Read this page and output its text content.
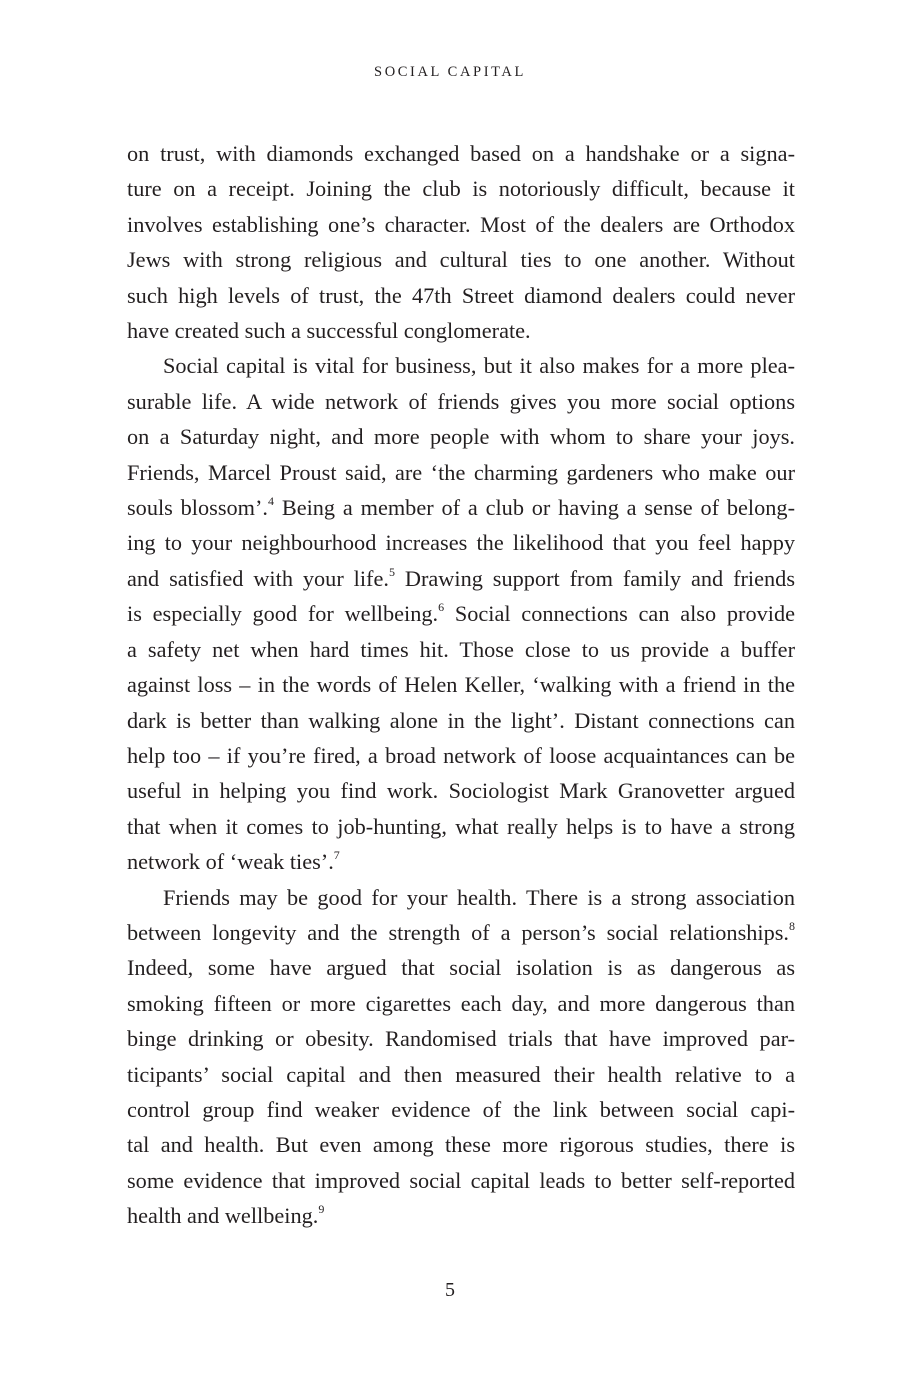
SOCIAL CAPITAL

on trust, with diamonds exchanged based on a handshake or a signa-
ture on a receipt. Joining the club is notoriously difficult, because it
involves establishing one’s character. Most of the dealers are Orthodox
Jews with strong religious and cultural ties to one another. Without
such high levels of trust, the 47th Street diamond dealers could never
have created such a successful conglomerate.

Social capital is vital for business, but it also makes for a more plea-
surable life. A wide network of friends gives you more social options
on a Saturday night, and more people with whom to share your joys.
Friends, Marcel Proust said, are ‘the charming gardeners who make our
souls blossom’.$^4$ Being a member of a club or having a sense of belong-
ing to your neighbourhood increases the likelihood that you feel happy
and satisfied with your life.$^5$ Drawing support from family and friends
is especially good for wellbeing.$^6$ Social connections can also provide
a safety net when hard times hit. Those close to us provide a buffer
against loss – in the words of Helen Keller, ‘walking with a friend in the
dark is better than walking alone in the light’. Distant connections can
help too – if you’re fired, a broad network of loose acquaintances can be
useful in helping you find work. Sociologist Mark Granovetter argued
that when it comes to job-hunting, what really helps is to have a strong
network of ‘weak ties’.$^7$

Friends may be good for your health. There is a strong association
between longevity and the strength of a person’s social relationships.$^8$
Indeed, some have argued that social isolation is as dangerous as
smoking fifteen or more cigarettes each day, and more dangerous than
binge drinking or obesity. Randomised trials that have improved par-
ticipants’ social capital and then measured their health relative to a
control group find weaker evidence of the link between social capi-
tal and health. But even among these more rigorous studies, there is
some evidence that improved social capital leads to better self-reported
health and wellbeing.$^9$

5
